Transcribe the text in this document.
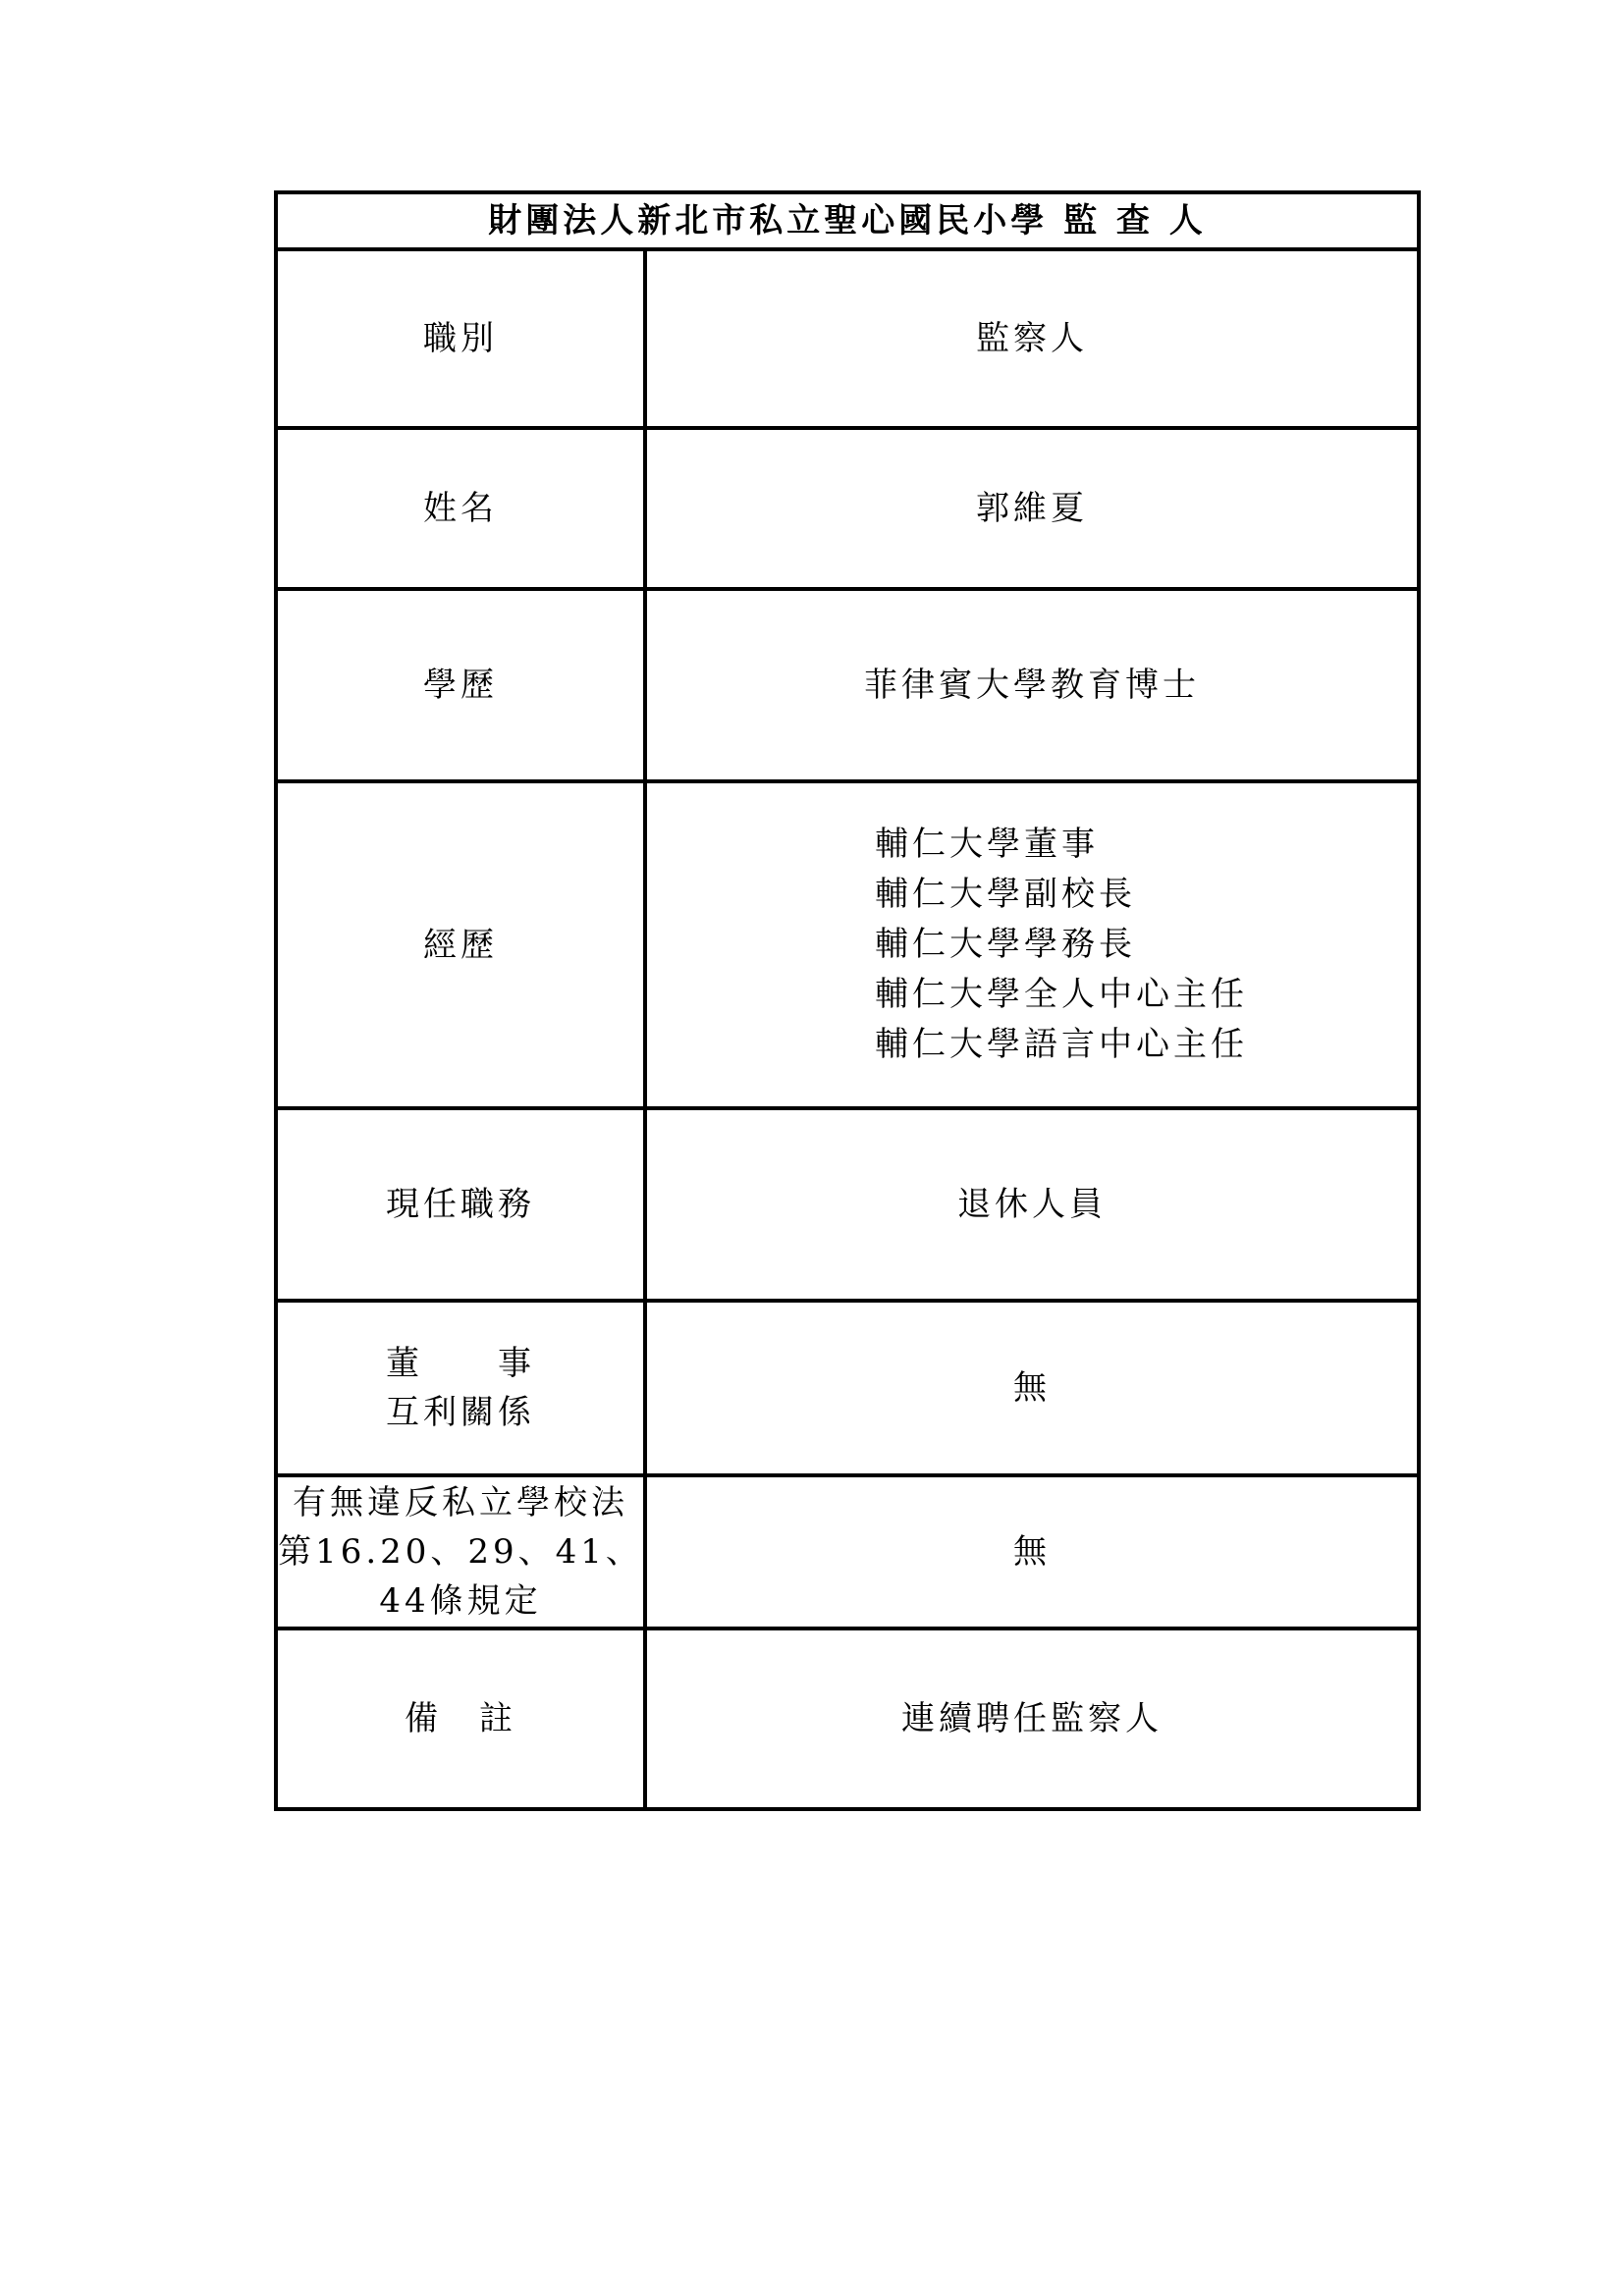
財團法人新北市私立聖心國民小學 監 查 人	
職別	監察人
姓名	郭維夏
學歷	菲律賓大學教育博士
經歷	輔仁大學董事
輔仁大學副校長
輔仁大學學務長
輔仁大學全人中心主任
輔仁大學語言中心主任

現任職務	退休人員

董　　事
互利關係	無

有無違反私立學校法
第16.20、29、41、
44條規定	無
備　註	連續聘任監察人
